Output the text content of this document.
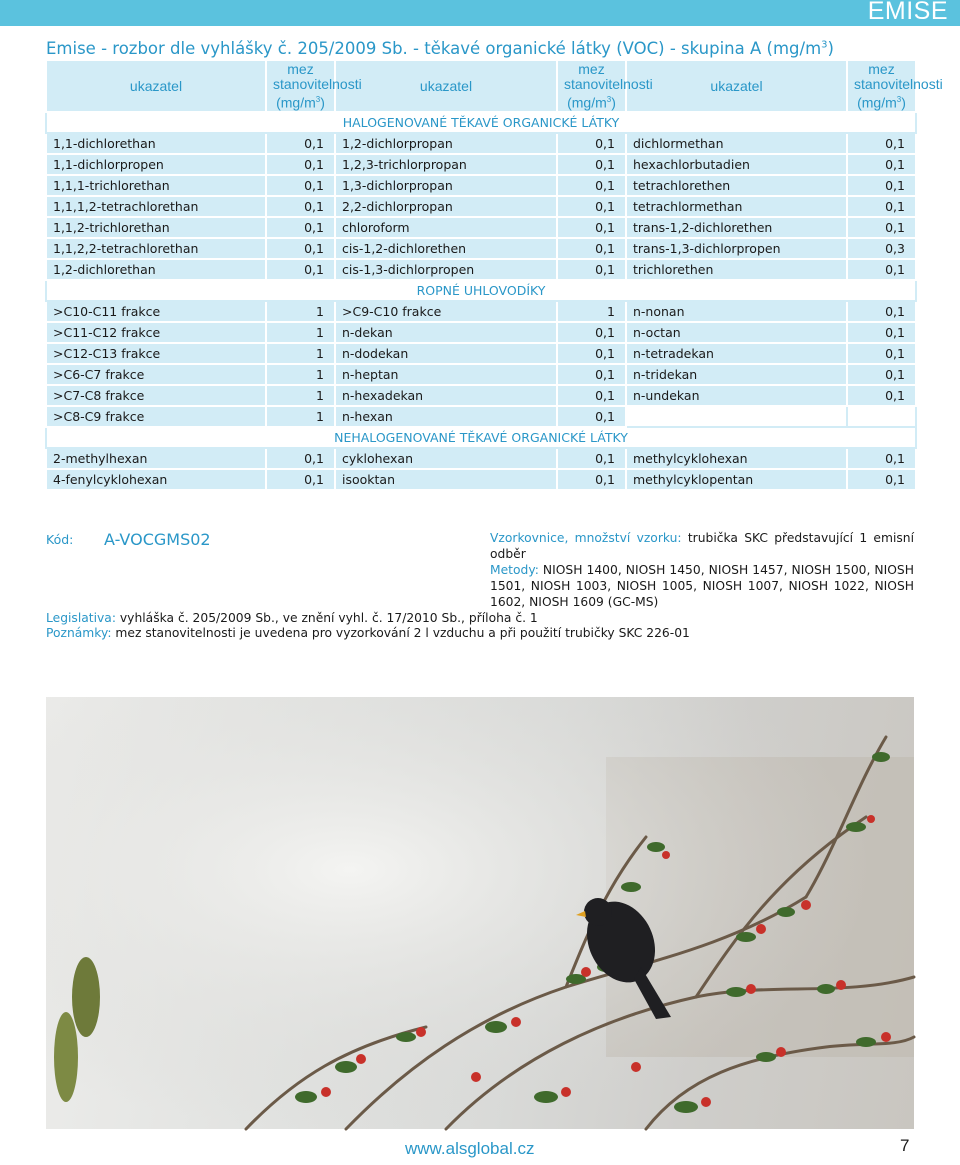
EMISE
Emise - rozbor dle vyhlášky č. 205/2009 Sb. - těkavé organické látky (VOC) - skupina A $(mg/m^3)$
ukazatel	mez
stanovitelnosti
$(mg/m^3)$	ukazatel	mez
stanovitelnosti
$(mg/m^3)$	ukazatel	mez
stanovitelnosti
$(mg/m^3)$
HALOGENOVANÉ TĚKAVÉ ORGANICKÉ LÁTKY					
1,1-dichlorethan	0,1	1,2-dichlorpropan	0,1	dichlormethan	0,1
1,1-dichlorpropen	0,1	1,2,3-trichlorpropan	0,1	hexachlorbutadien	0,1
1,1,1-trichlorethan	0,1	1,3-dichlorpropan	0,1	tetrachlorethen	0,1
1,1,1,2-tetrachlorethan	0,1	2,2-dichlorpropan	0,1	tetrachlormethan	0,1
1,1,2-trichlorethan	0,1	chloroform	0,1	trans-1,2-dichlorethen	0,1
1,1,2,2-tetrachlorethan	0,1	cis-1,2-dichlorethen	0,1	trans-1,3-dichlorpropen	0,3
1,2-dichlorethan	0,1	cis-1,3-dichlorpropen	0,1	trichlorethen	0,1
ROPNÉ UHLOVODÍKY					
>C10-C11 frakce	1	>C9-C10 frakce	1	n-nonan	0,1
>C11-C12 frakce	1	n-dekan	0,1	n-octan	0,1
>C12-C13 frakce	1	n-dodekan	0,1	n-tetradekan	0,1
>C6-C7 frakce	1	n-heptan	0,1	n-tridekan	0,1
>C7-C8 frakce	1	n-hexadekan	0,1	n-undekan	0,1
>C8-C9 frakce	1	n-hexan	0,1		
NEHALOGENOVANÉ TĚKAVÉ ORGANICKÉ LÁTKY					
2-methylhexan	0,1	cyklohexan	0,1	methylcyklohexan	0,1
4-fenylcyklohexan	0,1	isooktan	0,1	methylcyklopentan	0,1
Kód: A-VOCGMS02	Vzorkovnice, množství vzorku: trubička SKC představující 1 emisní odběr
Metody: NIOSH 1400, NIOSH 1450, NIOSH 1457, NIOSH 1500, NIOSH 1501, NIOSH 1003, NIOSH 1005, NIOSH 1007, NIOSH 1022, NIOSH 1602, NIOSH 1609 (GC-MS)
Legislativa: vyhláška č. 205/2009 Sb., ve znění vyhl. č. 17/2010 Sb., příloha č. 1
Poznámky: mez stanovitelnosti je uvedena pro vyzorkování 2 l vzduchu a při použití trubičky SKC 226-01
www.alsglobal.cz	7
